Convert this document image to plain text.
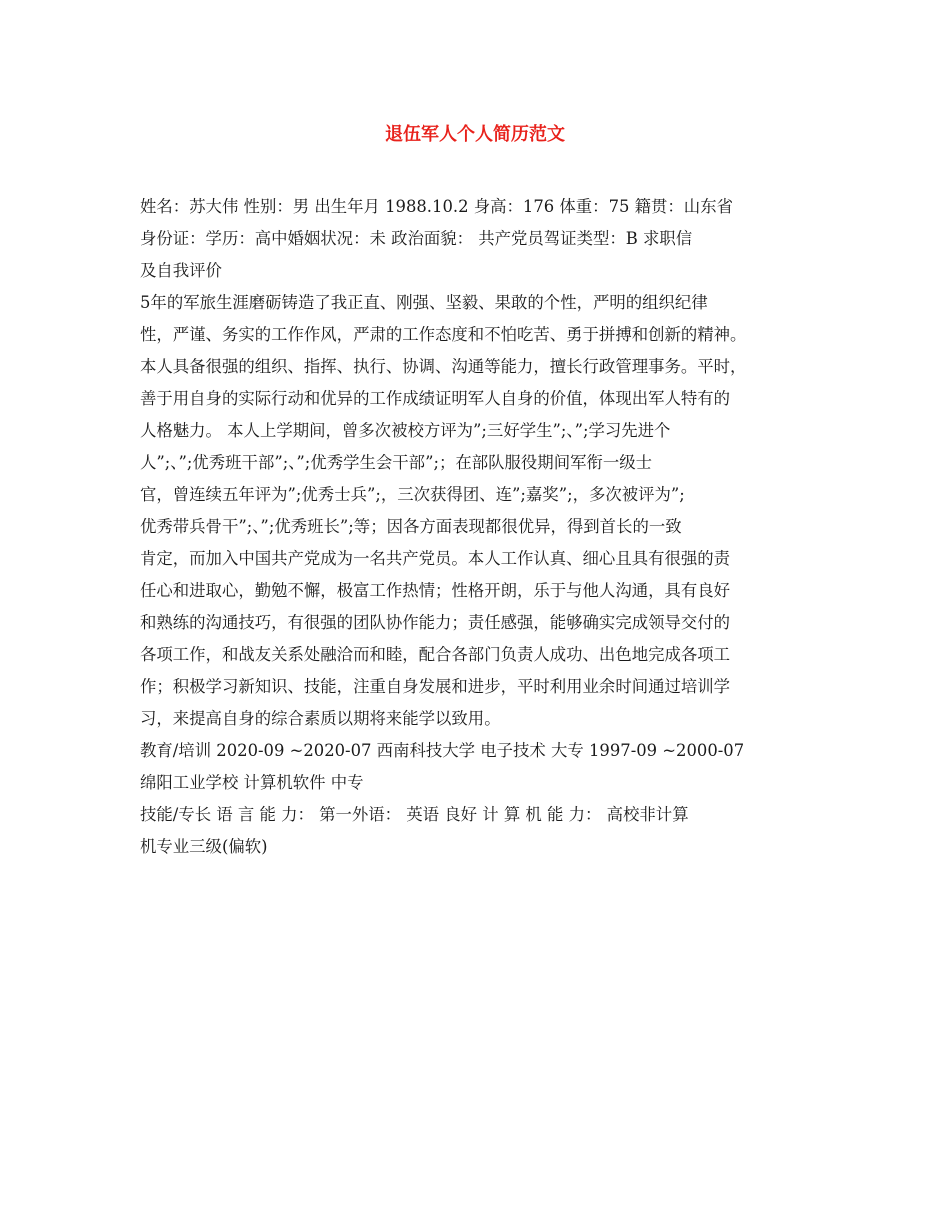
退伍军人个人简历范文
姓名：苏大伟 性别：男 出生年月 1988.10.2 身高：176 体重：75 籍贯：山东省
身份证：学历：高中婚姻状况：未 政治面貌： 共产党员驾证类型：B 求职信
及自我评价
5年的军旅生涯磨砺铸造了我正直、刚强、坚毅、果敢的个性，严明的组织纪律
性，严谨、务实的工作作风，严肃的工作态度和不怕吃苦、勇于拼搏和创新的精神。
本人具备很强的组织、指挥、执行、协调、沟通等能力，擅长行政管理事务。平时，
善于用自身的实际行动和优异的工作成绩证明军人自身的价值，体现出军人特有的
人格魅力。 本人上学期间，曾多次被校方评为”;三好学生”;、”;学习先进个
人”;、”;优秀班干部”;、”;优秀学生会干部”;；在部队服役期间军衔一级士
官，曾连续五年评为”;优秀士兵”;，三次获得团、连”;嘉奖”;，多次被评为”;
优秀带兵骨干”;、”;优秀班长”;等；因各方面表现都很优异，得到首长的一致
肯定，而加入中国共产党成为一名共产党员。本人工作认真、细心且具有很强的责
任心和进取心，勤勉不懈，极富工作热情；性格开朗，乐于与他人沟通，具有良好
和熟练的沟通技巧，有很强的团队协作能力；责任感强，能够确实完成领导交付的
各项工作，和战友关系处融洽而和睦，配合各部门负责人成功、出色地完成各项工
作；积极学习新知识、技能，注重自身发展和进步，平时利用业余时间通过培训学
习，来提高自身的综合素质以期将来能学以致用。
教育/培训 2020-09 ~2020-07 西南科技大学 电子技术 大专 1997-09 ~2000-07
绵阳工业学校 计算机软件 中专
技能/专长 语 言 能 力： 第一外语： 英语 良好 计 算 机 能 力： 高校非计算
机专业三级(偏软)
